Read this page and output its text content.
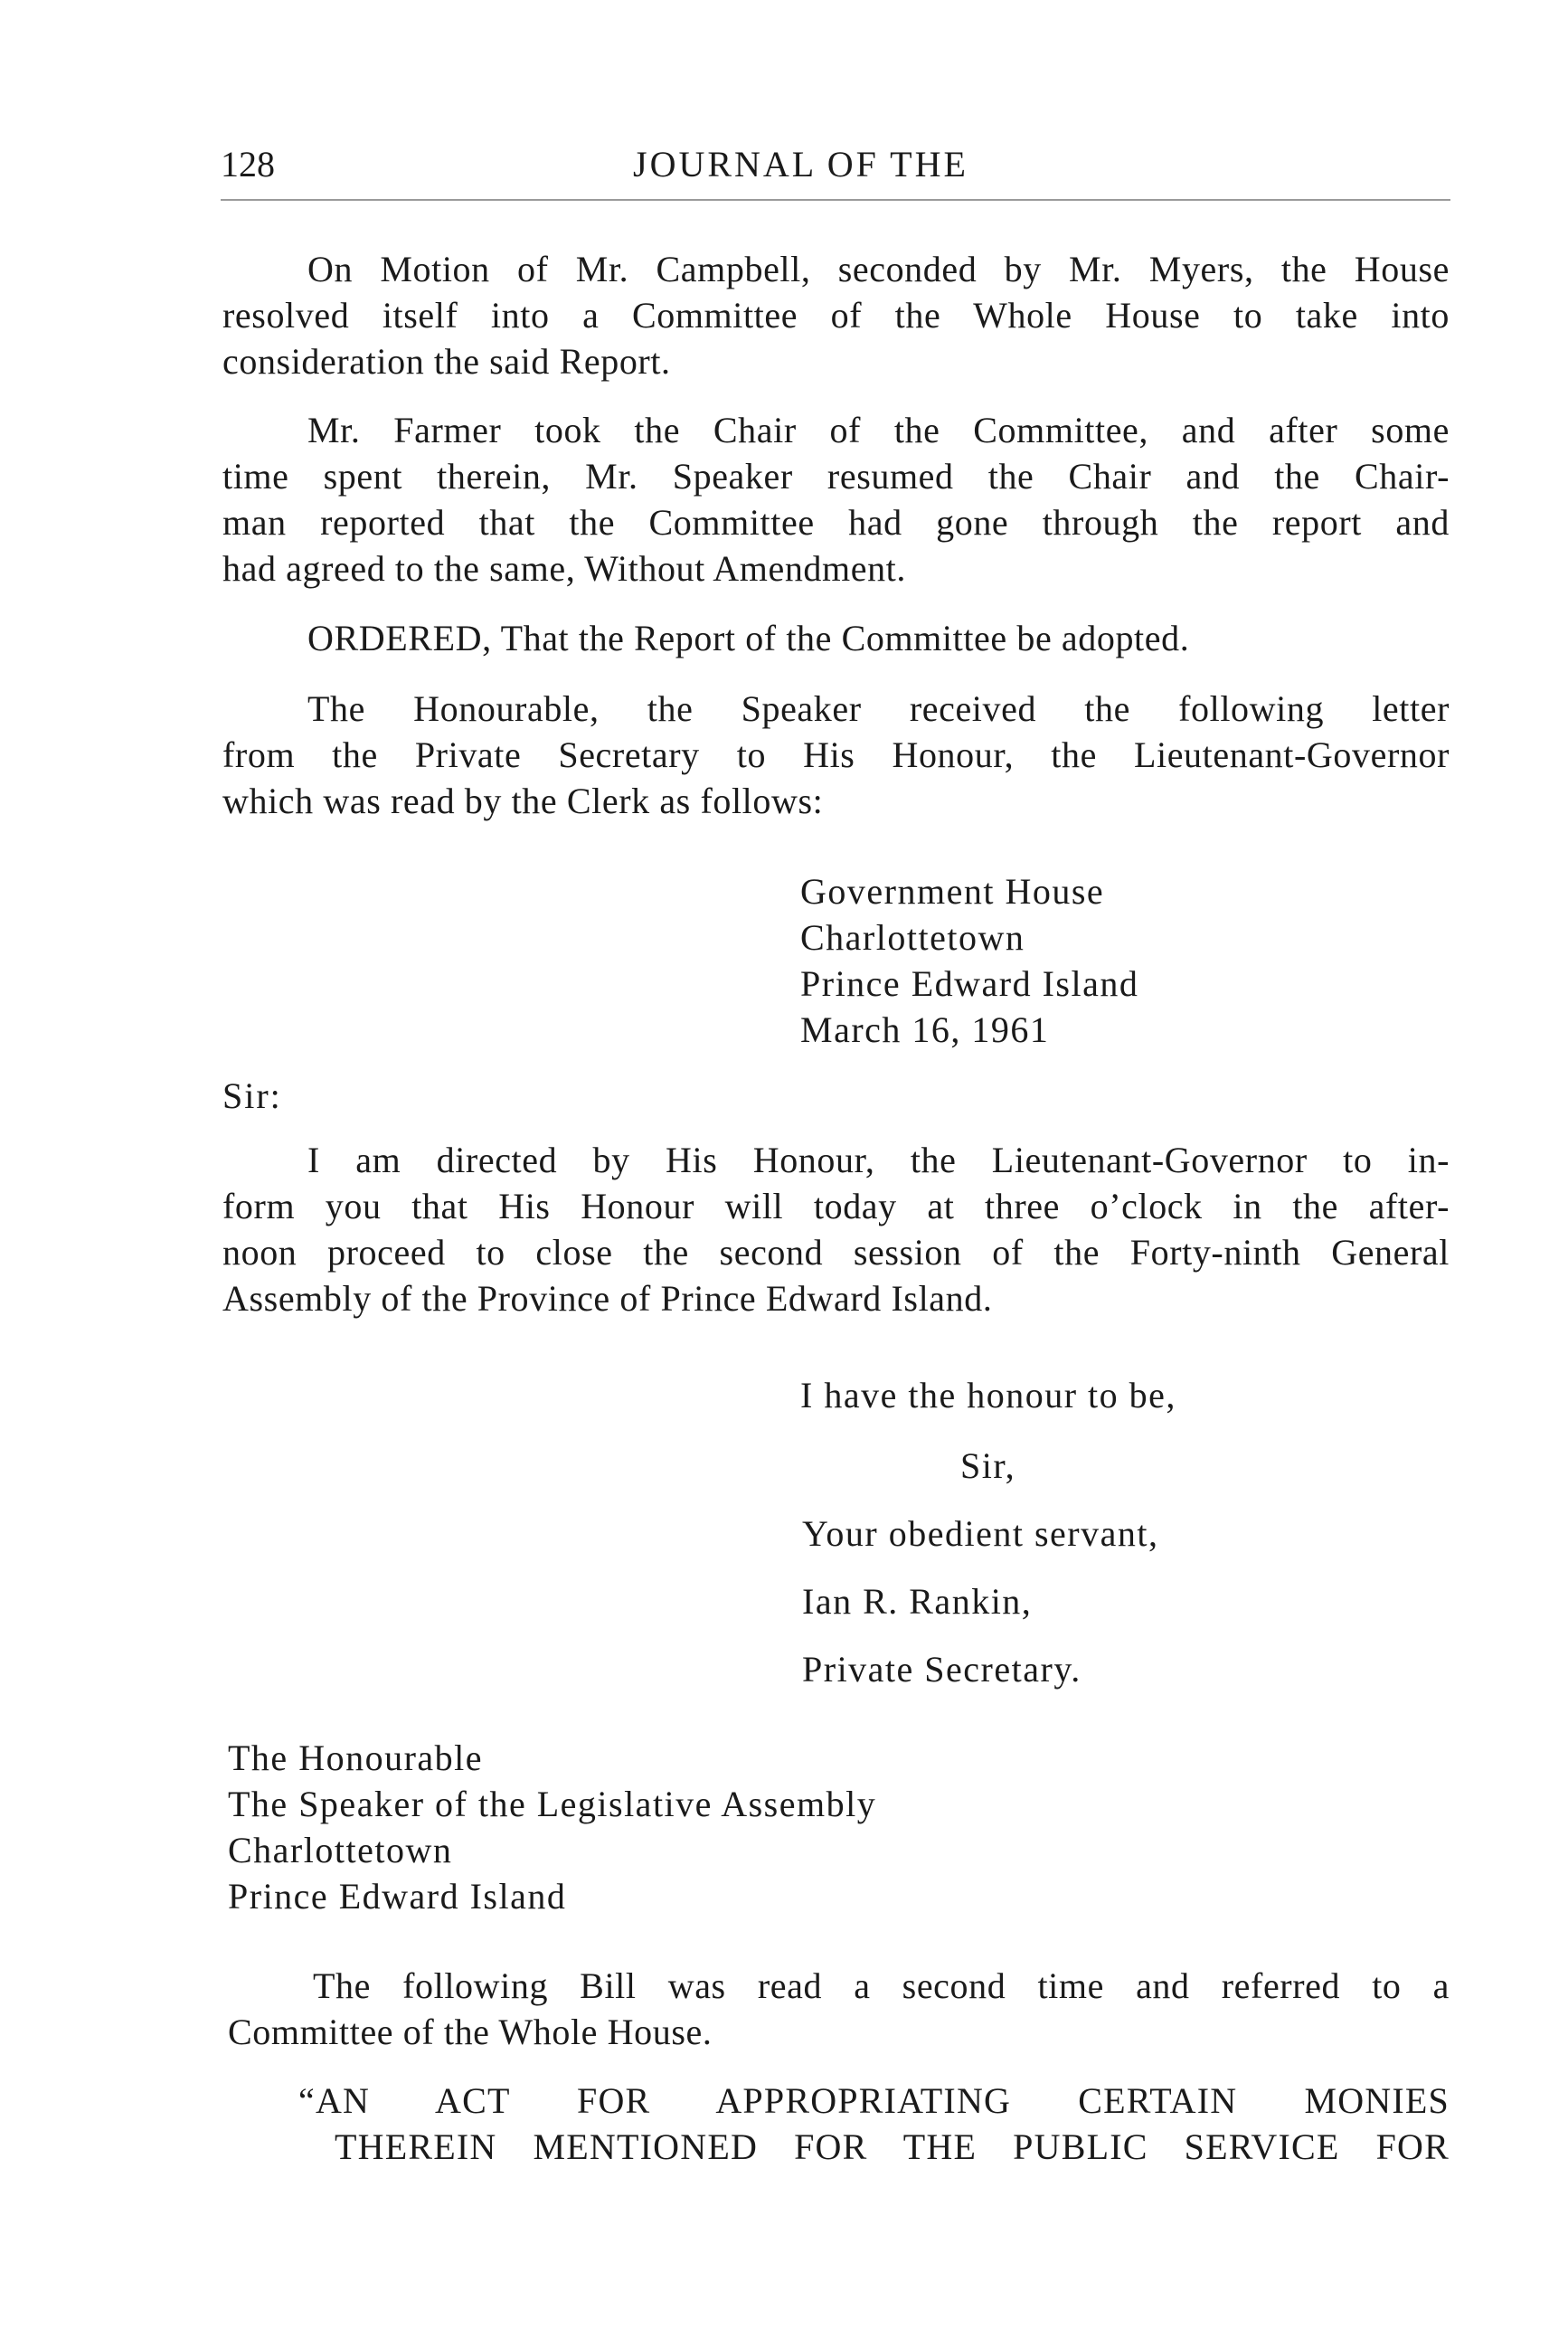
128	JOURNAL OF THE
On Motion of Mr. Campbell, seconded by Mr. Myers, the House
resolved itself into a Committee of the Whole House to take into
consideration the said Report.
Mr. Farmer took the Chair of the Committee, and after some
time spent therein, Mr. Speaker resumed the Chair and the Chair-
man reported that the Committee had gone through the report and
had agreed to the same, Without Amendment.
ORDERED, That the Report of the Committee be adopted.
The Honourable, the Speaker received the following letter
from the Private Secretary to His Honour, the Lieutenant-Governor
which was read by the Clerk as follows:
Government House
Charlottetown
Prince Edward Island
March 16, 1961
Sir:
I am directed by His Honour, the Lieutenant-Governor to in-
form you that His Honour will today at three o’clock in the after-
noon proceed to close the second session of the Forty-ninth General
Assembly of the Province of Prince Edward Island.
I have the honour to be,
Sir,
Your obedient servant,
Ian R. Rankin,
Private Secretary.
The Honourable
The Speaker of the Legislative Assembly
Charlottetown
Prince Edward Island
The following Bill was read a second time and referred to a
Committee of the Whole House.
“AN ACT FOR APPROPRIATING CERTAIN MONIES
THEREIN MENTIONED FOR THE PUBLIC SERVICE FOR
